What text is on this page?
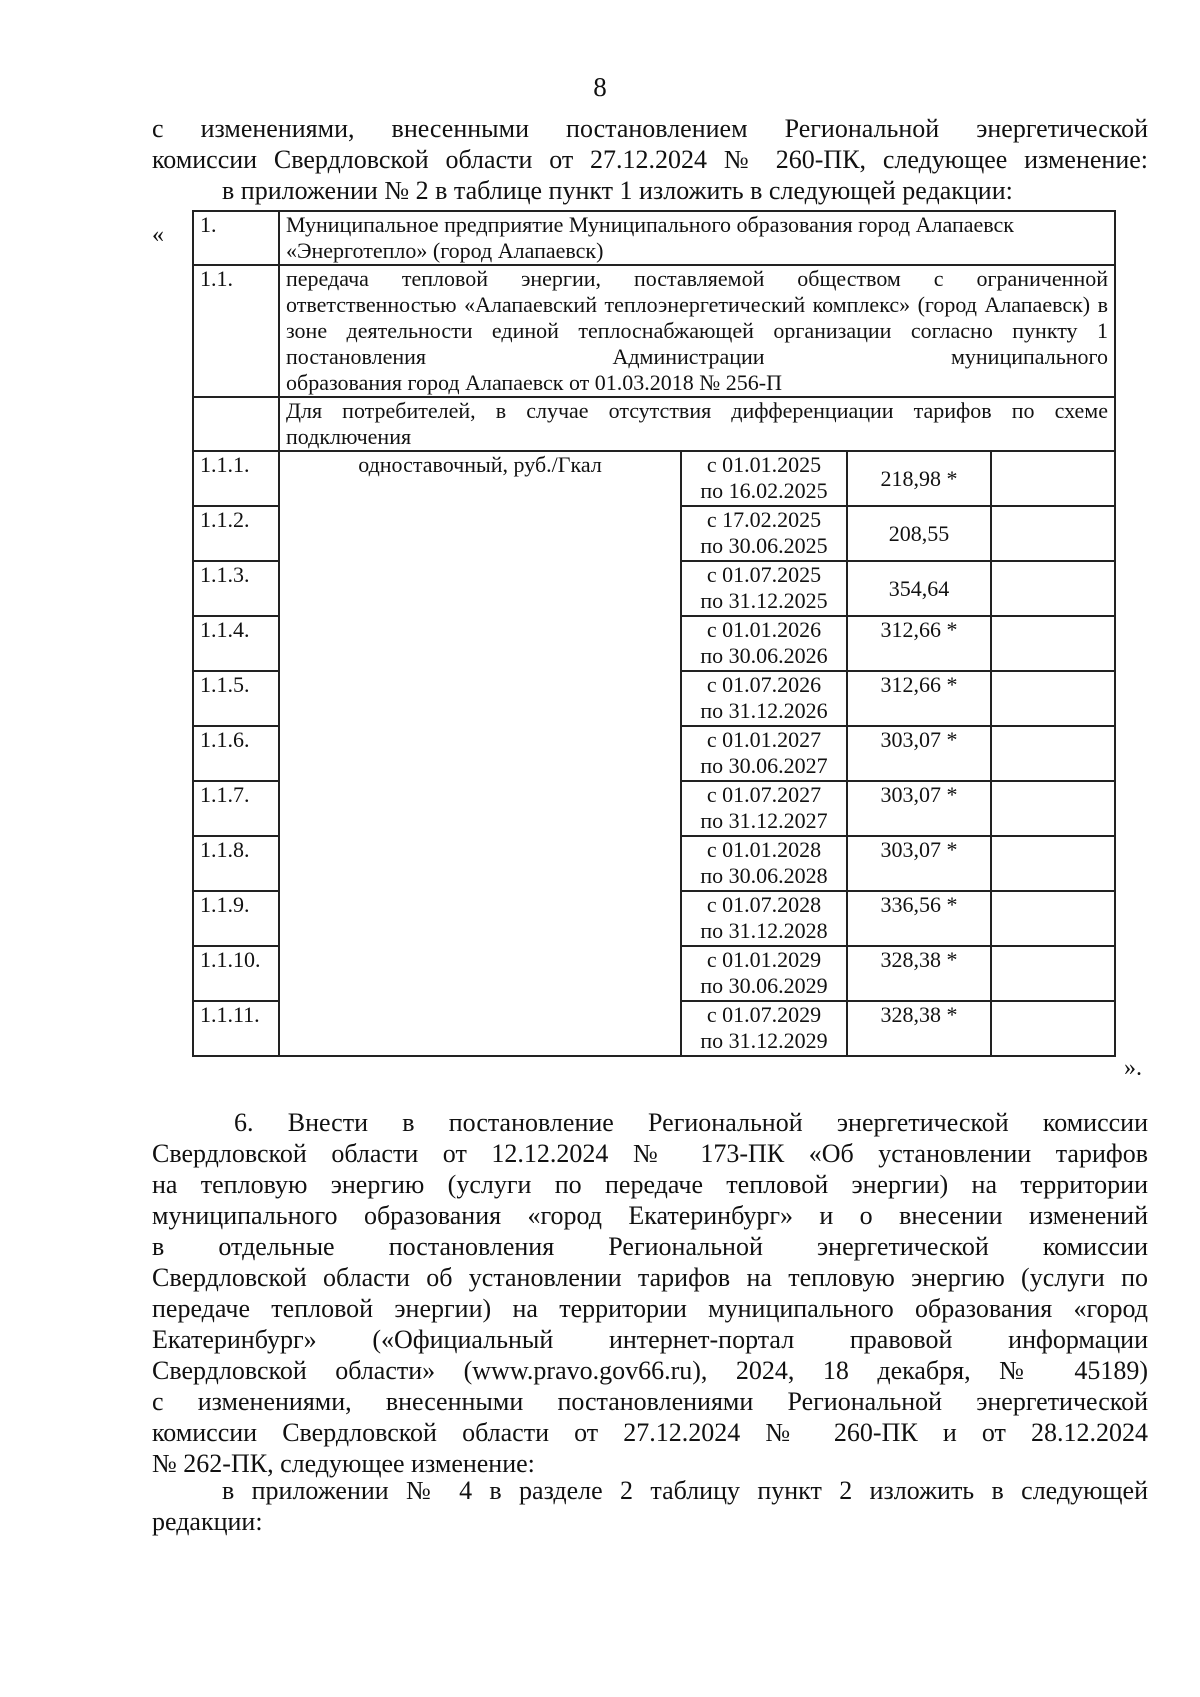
8
с изменениями, внесенными постановлением Региональной энергетической
комиссии Свердловской области от 27.12.2024 № 260-ПК, следующее изменение:
в приложении № 2 в таблице пункт 1 изложить в следующей редакции:
« 1.	Муниципальное предприятие Муниципального образования город Алапаевск «Энерготепло» (город Алапаевск)			
1.1.	передача тепловой энергии, поставляемой обществом с ограниченной ответственностью «Алапаевский теплоэнергетический комплекс» (город Алапаевск) в зоне деятельности единой теплоснабжающей организации согласно пункту 1 постановления Администрации муниципального
образования город Алапаевск от 01.03.2018 № 256-П			

	Для потребителей, в случае отсутствия дифференциации тарифов по схеме
подключения			

1.1.1.	одноставочный, руб./Гкал	с 01.01.2025
по 16.02.2025	218,98 *	
1.1.2.		с 17.02.2025
по 30.06.2025	208,55	
1.1.3.		с 01.07.2025
по 31.12.2025	354,64	
1.1.4.		с 01.01.2026
по 30.06.2026	312,66 *	
1.1.5.		с 01.07.2026
по 31.12.2026	312,66 *	
1.1.6.		с 01.01.2027
по 30.06.2027	303,07 *	
1.1.7.		с 01.07.2027
по 31.12.2027	303,07 *	
1.1.8.		с 01.01.2028
по 30.06.2028	303,07 *	
1.1.9.		с 01.07.2028
по 31.12.2028	336,56 *	
1.1.10.		с 01.01.2029
по 30.06.2029	328,38 *	
1.1.11.		с 01.07.2029
по 31.12.2029	328,38 *	
».
6. Внести в постановление Региональной энергетической комиссии
Свердловской области от 12.12.2024 № 173-ПК «Об установлении тарифов
на тепловую энергию (услуги по передаче тепловой энергии) на территории
муниципального образования «город Екатеринбург» и о внесении изменений
в отдельные постановления Региональной энергетической комиссии
Свердловской области об установлении тарифов на тепловую энергию (услуги по
передаче тепловой энергии) на территории муниципального образования «город
Екатеринбург» («Официальный интернет-портал правовой информации
Свердловской области» (www.pravo.gov66.ru), 2024, 18 декабря, № 45189)
с изменениями, внесенными постановлениями Региональной энергетической
комиссии Свердловской области от 27.12.2024 № 260-ПК и от 28.12.2024
№ 262-ПК, следующее изменение:
в приложении № 4 в разделе 2 таблицу пункт 2 изложить в следующей
редакции:
